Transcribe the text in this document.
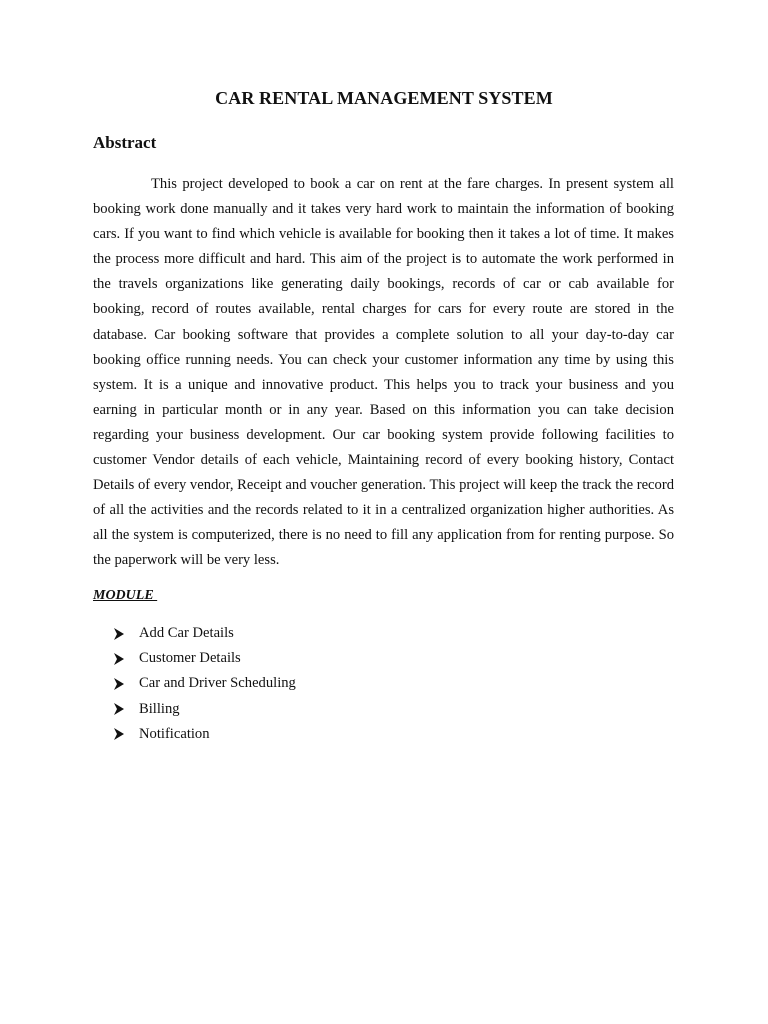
CAR RENTAL MANAGEMENT SYSTEM
Abstract

This project developed to book a car on rent at the fare charges. In present system all booking work done manually and it takes very hard work to maintain the information of booking cars. If you want to find which vehicle is available for booking then it takes a lot of time. It makes the process more difficult and hard. This aim of the project is to automate the work performed in the travels organizations like generating daily bookings, records of car or cab available for booking, record of routes available, rental charges for cars for every route are stored in the database. Car booking software that provides a complete solution to all your day-to-day car booking office running needs. You can check your customer information any time by using this system. It is a unique and innovative product. This helps you to track your business and you earning in particular month or in any year. Based on this information you can take decision regarding your business development. Our car booking system provide following facilities to customer Vendor details of each vehicle, Maintaining record of every booking history, Contact Details of every vendor, Receipt and voucher generation. This project will keep the track the record of all the activities and the records related to it in a centralized organization higher authorities. As all the system is computerized, there is no need to fill any application from for renting purpose. So the paperwork will be very less.

MODULE
Add Car Details
Customer Details
Car and Driver Scheduling
Billing
Notification
